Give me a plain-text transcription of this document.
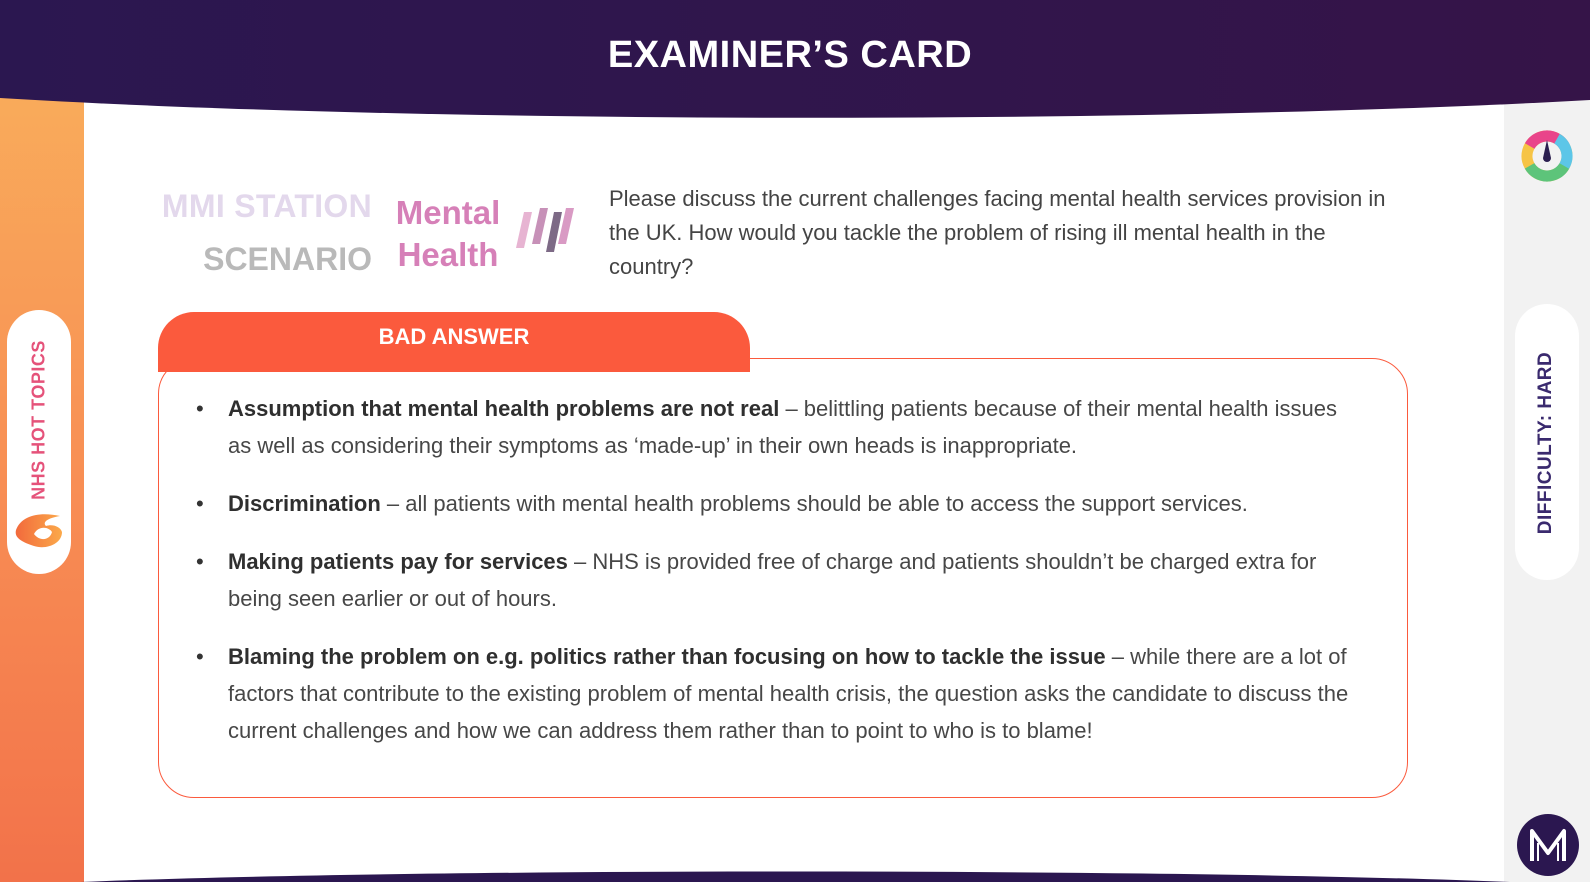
EXAMINER’S CARD
NHS HOT TOPICS	DIFFICULTY: HARD
MMI STATION
SCENARIO
Mental
Health
Please discuss the current challenges facing mental health services provision in the UK. How would you tackle the problem of rising ill mental health in the country?
BAD ANSWER
• Assumption that mental health problems are not real – belittling patients because of their mental health issues as well as considering their symptoms as ‘made-up’ in their own heads is inappropriate.
• Discrimination – all patients with mental health problems should be able to access the support services.
• Making patients pay for services – NHS is provided free of charge and patients shouldn’t be charged extra for being seen earlier or out of hours.
• Blaming the problem on e.g. politics rather than focusing on how to tackle the issue – while there are a lot of factors that contribute to the existing problem of mental health crisis, the question asks the candidate to discuss the current challenges and how we can address them rather than to point to who is to blame!
